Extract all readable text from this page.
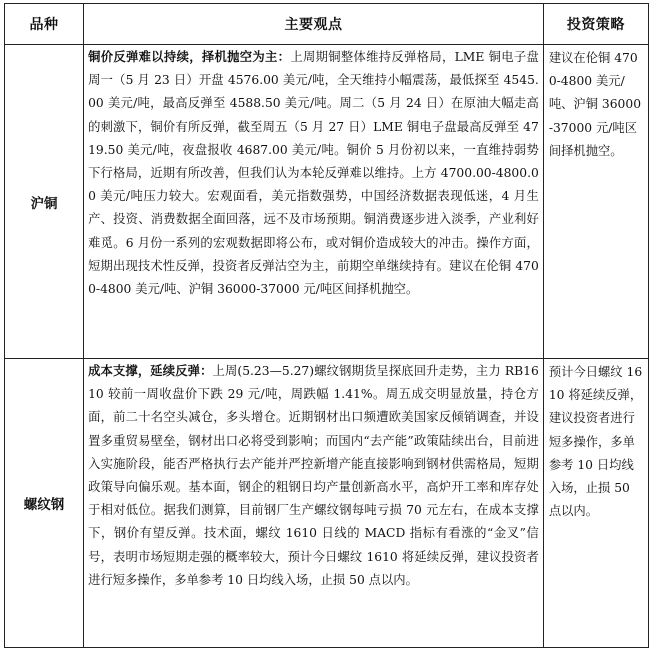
品种	主要观点	投资策略
沪铜	铜价反弹难以持续，择机抛空为主：上周期铜整体维持反弹格局，LME 铜电子盘周一（5 月 23 日）开盘 4576.00 美元/吨，全天维持小幅震荡，最低探至 4545.00 美元/吨，最高反弹至 4588.50 美元/吨。周二（5 月 24 日）在原油大幅走高的刺激下，铜价有所反弹，截至周五（5 月 27 日）LME 铜电子盘最高反弹至 4719.50 美元/吨，夜盘报收 4687.00 美元/吨。铜价 5 月份初以来，一直维持弱势下行格局，近期有所改善，但我们认为本轮反弹难以维持。上方 4700.00-4800.00 美元/吨压力较大。宏观面看，美元指数强势，中国经济数据表现低迷，4 月生产、投资、消费数据全面回落，远不及市场预期。铜消费逐步进入淡季，产业利好难觅。6 月份一系列的宏观数据即将公布，或对铜价造成较大的冲击。操作方面，短期出现技术性反弹，投资者反弹沽空为主，前期空单继续持有。建议在伦铜 4700-4800 美元/吨、沪铜 36000-37000 元/吨区间择机抛空。	建议在伦铜 4700-4800 美元/吨、沪铜 36000-37000 元/吨区间择机抛空。
螺纹钢	成本支撑，延续反弹：上周(5.23—5.27)螺纹钢期货呈探底回升走势，主力 RB1610 较前一周收盘价下跌 29 元/吨，周跌幅 1.41%。周五成交明显放量，持仓方面，前二十名空头减仓，多头增仓。近期钢材出口频遭欧美国家反倾销调查，并设置多重贸易壁垒，钢材出口必将受到影响；而国内“去产能”政策陆续出台，目前进入实施阶段，能否严格执行去产能并严控新增产能直接影响到钢材供需格局，短期政策导向偏乐观。基本面，钢企的粗钢日均产量创新高水平，高炉开工率和库存处于相对低位。据我们测算，目前钢厂生产螺纹钢每吨亏损 70 元左右，在成本支撑下，钢价有望反弹。技术面，螺纹 1610 日线的 MACD 指标有看涨的“金叉”信号，表明市场短期走强的概率较大，预计今日螺纹 1610 将延续反弹，建议投资者进行短多操作，多单参考 10 日均线入场，止损 50 点以内。	预计今日螺纹 1610 将延续反弹，建议投资者进行短多操作，多单参考 10 日均线入场，止损 50 点以内。
